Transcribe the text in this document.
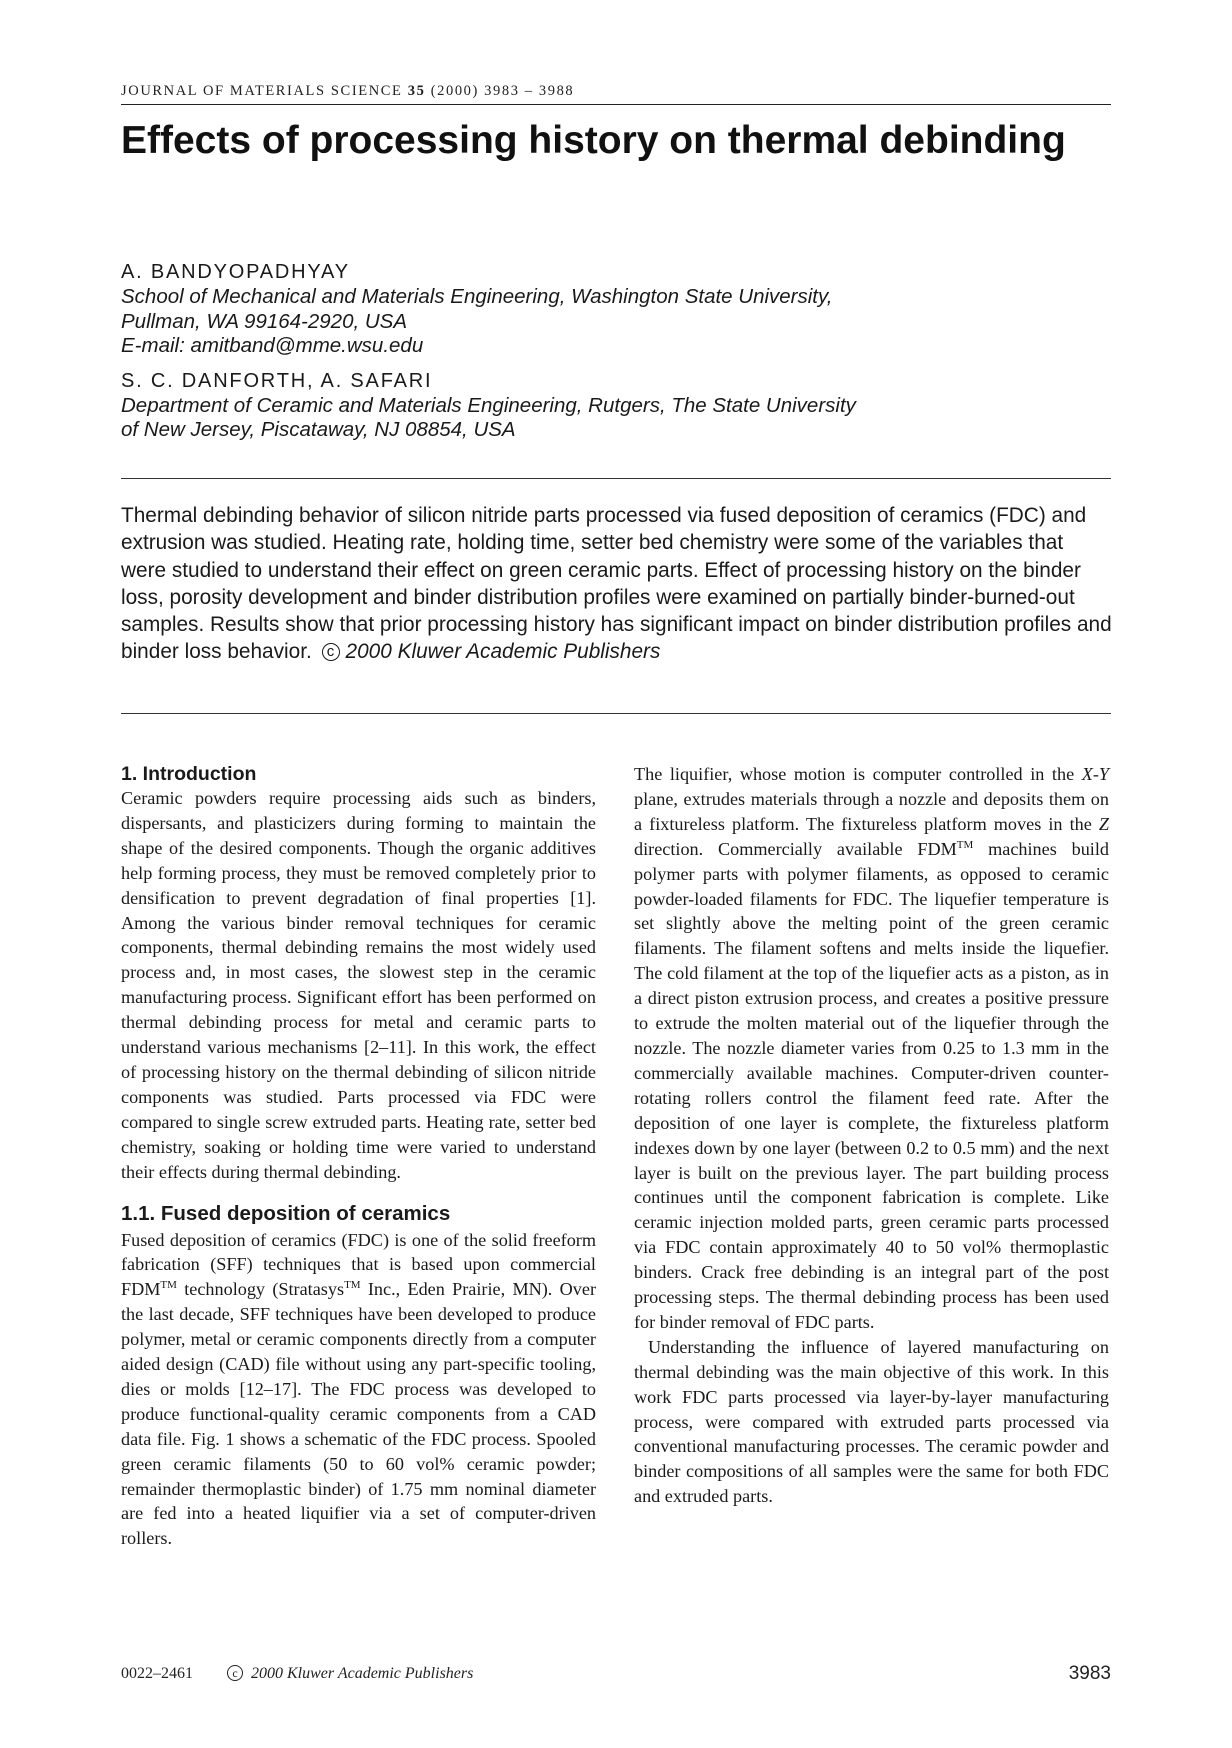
JOURNAL OF MATERIALS SCIENCE 35 (2000) 3983 – 3988
Effects of processing history on thermal debinding
A. BANDYOPADHYAY
School of Mechanical and Materials Engineering, Washington State University,
Pullman, WA 99164-2920, USA
E-mail: amitband@mme.wsu.edu
S. C. DANFORTH, A. SAFARI
Department of Ceramic and Materials Engineering, Rutgers, The State University
of New Jersey, Piscataway, NJ 08854, USA

Thermal debinding behavior of silicon nitride parts processed via fused deposition of ceramics (FDC) and extrusion was studied. Heating rate, holding time, setter bed chemistry were some of the variables that were studied to understand their effect on green ceramic parts. Effect of processing history on the binder loss, porosity development and binder distribution profiles were examined on partially binder-burned-out samples. Results show that prior processing history has significant impact on binder distribution profiles and binder loss behavior. c 2000 Kluwer Academic Publishers

1. Introduction

Ceramic powders require processing aids such as binders, dispersants, and plasticizers during forming to maintain the shape of the desired components. Though the organic additives help forming process, they must be removed completely prior to densification to prevent degradation of final properties [1]. Among the various binder removal techniques for ceramic components, thermal debinding remains the most widely used process and, in most cases, the slowest step in the ceramic manufacturing process. Significant effort has been performed on thermal debinding process for metal and ceramic parts to understand various mechanisms [2–11]. In this work, the effect of processing history on the thermal debinding of silicon nitride components was studied. Parts processed via FDC were compared to single screw extruded parts. Heating rate, setter bed chemistry, soaking or holding time were varied to understand their effects during thermal debinding.

1.1. Fused deposition of ceramics

Fused deposition of ceramics (FDC) is one of the solid freeform fabrication (SFF) techniques that is based upon commercial FDM™ technology (Stratasys™ Inc., Eden Prairie, MN). Over the last decade, SFF techniques have been developed to produce polymer, metal or ceramic components directly from a computer aided design (CAD) file without using any part-specific tooling, dies or molds [12–17]. The FDC process was developed to produce functional-quality ceramic components from a CAD data file. Fig. 1 shows a schematic of the FDC process. Spooled green ceramic filaments (50 to 60 vol% ceramic powder; remainder thermoplastic binder) of 1.75 mm nominal diameter are fed into a heated liquifier via a set of computer-driven rollers.

The liquifier, whose motion is computer controlled in the X-Y plane, extrudes materials through a nozzle and deposits them on a fixtureless platform. The fixtureless platform moves in the Z direction. Commercially available FDM™ machines build polymer parts with polymer filaments, as opposed to ceramic powder-loaded filaments for FDC. The liquefier temperature is set slightly above the melting point of the green ceramic filaments. The filament softens and melts inside the liquefier. The cold filament at the top of the liquefier acts as a piston, as in a direct piston extrusion process, and creates a positive pressure to extrude the molten material out of the liquefier through the nozzle. The nozzle diameter varies from 0.25 to 1.3 mm in the commercially available machines. Computer-driven counter-rotating rollers control the filament feed rate. After the deposition of one layer is complete, the fixtureless platform indexes down by one layer (between 0.2 to 0.5 mm) and the next layer is built on the previous layer. The part building process continues until the component fabrication is complete. Like ceramic injection molded parts, green ceramic parts processed via FDC contain approximately 40 to 50 vol% thermoplastic binders. Crack free debinding is an integral part of the post processing steps. The thermal debinding process has been used for binder removal of FDC parts.

Understanding the influence of layered manufacturing on thermal debinding was the main objective of this work. In this work FDC parts processed via layer-by-layer manufacturing process, were compared with extruded parts processed via conventional manufacturing processes. The ceramic powder and binder compositions of all samples were the same for both FDC and extruded parts.

0022–2461	c 2000 Kluwer Academic Publishers	3983
